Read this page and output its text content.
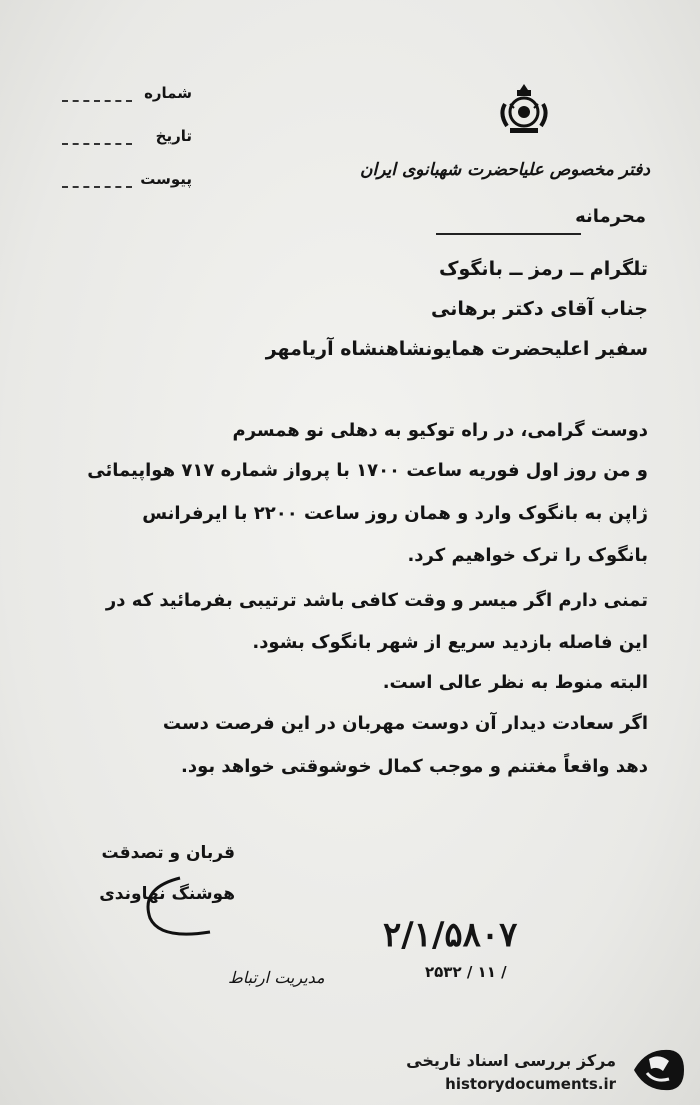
شماره
تاریخ
پیوست	دفتر مخصوص علیاحضرت شهبانوی ایران
محرمانه
تلگرام ــ رمز ــ بانگوک
جناب آقای دکتر برهانی
سفیر اعلیحضرت همایونشاهنشاه آریامهر
دوست گرامی، در راه توکیو به دهلی نو همسرم
و من روز اول فوریه ساعت ۱۷۰۰ با پرواز شماره ۷۱۷ هواپیمائی
ژاپن به بانگوک وارد و همان روز ساعت ۲۲۰۰ با ایرفرانس
بانگوک را ترک خواهیم کرد.
تمنی دارم اگر میسر و وقت کافی باشد ترتیبی بفرمائید که در
این فاصله بازدید سریع از شهر بانگوک بشود.
البته منوط به نظر عالی است.
اگر سعادت دیدار آن دوست مهربان در این فرصت دست
دهد واقعاً مغتنم و موجب کمال خوشوقتی خواهد بود.
قربان و تصدقت
هوشنگ نهاوندی
۲/۱/۵۸۰۷
۲۵۳۲ / ۱۱ /
مدیریت ارتباط
مرکز بررسی اسناد تاریخی
historydocuments.ir
